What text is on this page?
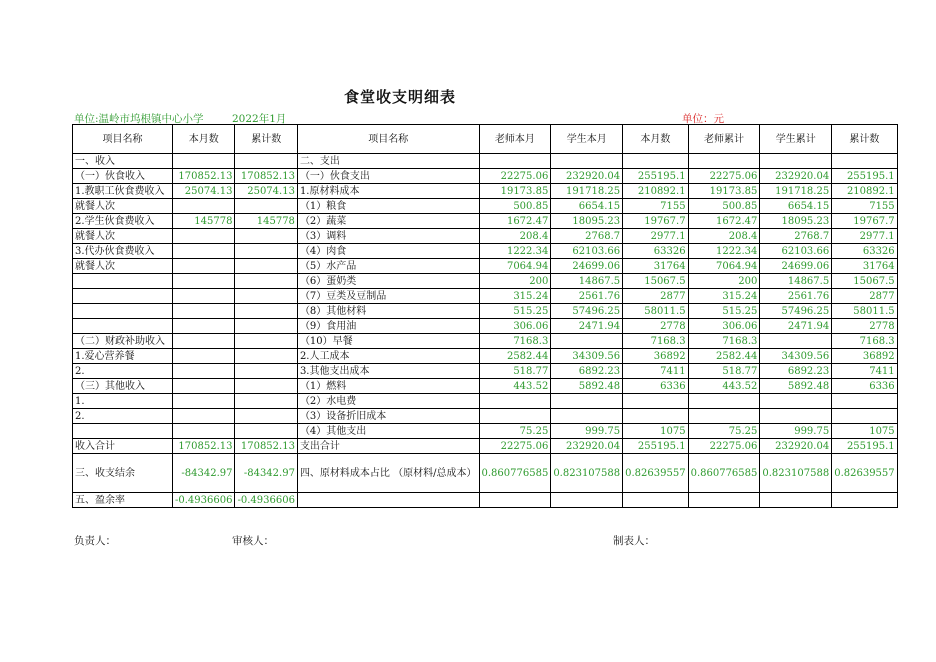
食堂收支明细表
单位:温岭市坞根镇中心小学	2022年1月	单位：元
项目名称	本月数	累计数	项目名称	老师本月	学生本月	本月数	老师累计	学生累计	累计数
一、收入			二、支出						
（一）伙食收入	170852.13	170852.13	（一）伙食支出	22275.06	232920.04	255195.1	22275.06	232920.04	255195.1
1.教职工伙食费收入	25074.13	25074.13	1.原材料成本	19173.85	191718.25	210892.1	19173.85	191718.25	210892.1
就餐人次			（1）粮食	500.85	6654.15	7155	500.85	6654.15	7155
2.学生伙食费收入	145778	145778	（2）蔬菜	1672.47	18095.23	19767.7	1672.47	18095.23	19767.7
就餐人次			（3）调料	208.4	2768.7	2977.1	208.4	2768.7	2977.1
3.代办伙食费收入			（4）肉食	1222.34	62103.66	63326	1222.34	62103.66	63326
就餐人次			（5）水产品	7064.94	24699.06	31764	7064.94	24699.06	31764
			（6）蛋奶类	200	14867.5	15067.5	200	14867.5	15067.5
			（7）豆类及豆制品	315.24	2561.76	2877	315.24	2561.76	2877
			（8）其他材料	515.25	57496.25	58011.5	515.25	57496.25	58011.5
			（9）食用油	306.06	2471.94	2778	306.06	2471.94	2778
（二）财政补助收入			（10）早餐	7168.3		7168.3	7168.3		7168.3
1.爱心营养餐			2.人工成本	2582.44	34309.56	36892	2582.44	34309.56	36892
2.			3.其他支出成本	518.77	6892.23	7411	518.77	6892.23	7411
（三）其他收入			（1）燃料	443.52	5892.48	6336	443.52	5892.48	6336
1.			（2）水电费						
2.			（3）设备折旧成本						
			（4）其他支出	75.25	999.75	1075	75.25	999.75	1075
收入合计	170852.13	170852.13	支出合计	22275.06	232920.04	255195.1	22275.06	232920.04	255195.1
三、收支结余	-84342.97	-84342.97	四、原材料成本占比 （原材料/总成本）	0.860776585	0.823107588	0.82639557	0.860776585	0.823107588	0.82639557
五、盈余率	-0.4936606	-0.4936606							
负责人：	审核人：	制表人：
